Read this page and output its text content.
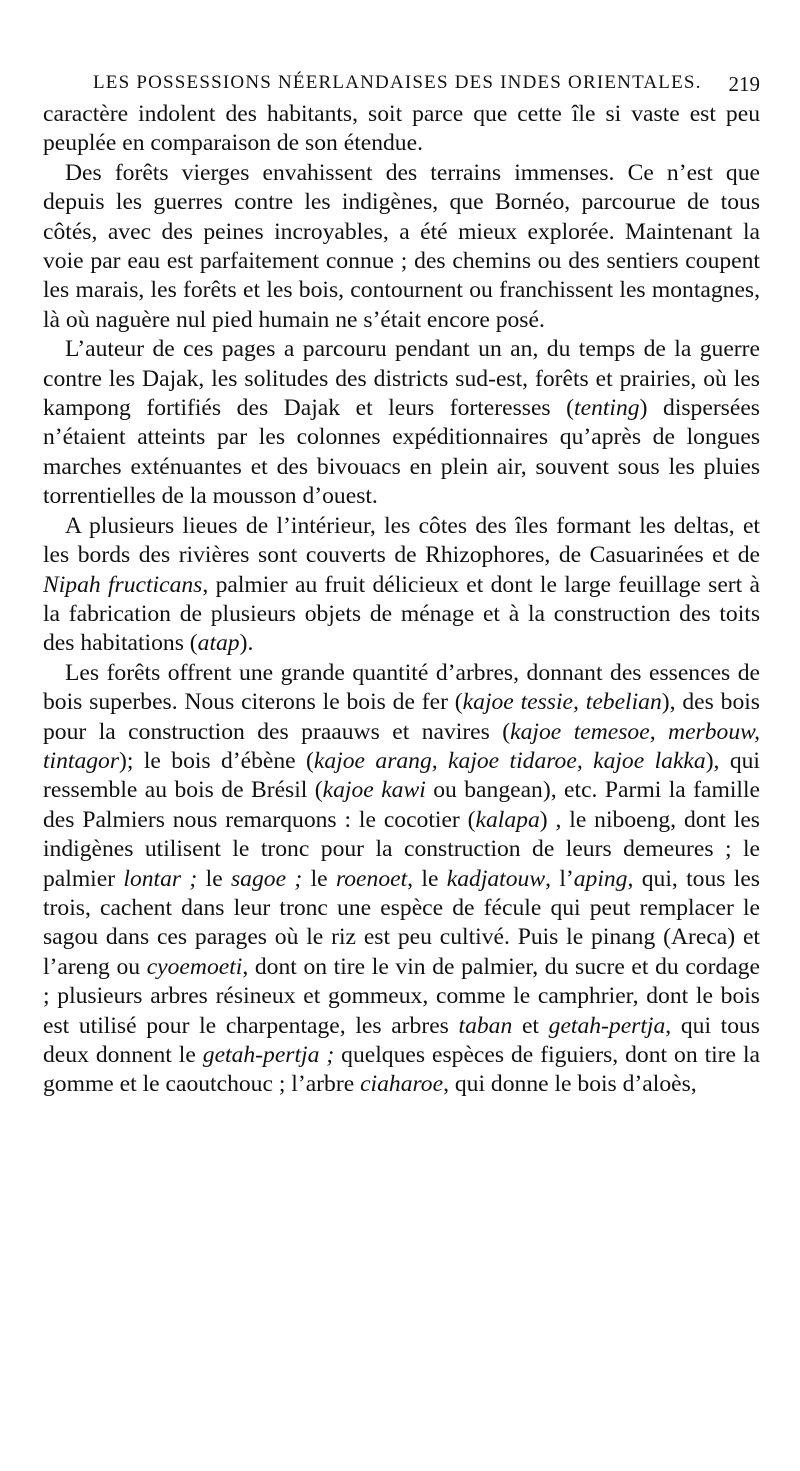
LES POSSESSIONS NÉERLANDAISES DES INDES ORIENTALES. 219

caractère indolent des habitants, soit parce que cette île si vaste est peu peuplée en comparaison de son étendue.

Des forêts vierges envahissent des terrains immenses. Ce n’est que depuis les guerres contre les indigènes, que Bornéo, parcourue de tous côtés, avec des peines incroyables, a été mieux explorée. Maintenant la voie par eau est parfaitement connue ; des chemins ou des sentiers coupent les marais, les forêts et les bois, contournent ou franchissent les montagnes, là où naguère nul pied humain ne s’était encore posé.

L’auteur de ces pages a parcouru pendant un an, du temps de la guerre contre les Dajak, les solitudes des districts sud-est, forêts et prairies, où les kampong fortifiés des Dajak et leurs forteresses (tenting) dispersées n’étaient atteints par les colonnes expéditionnaires qu’après de longues marches exténuantes et des bivouacs en plein air, souvent sous les pluies torrentielles de la mousson d’ouest.

A plusieurs lieues de l’intérieur, les côtes des îles formant les deltas, et les bords des rivières sont couverts de Rhizophores, de Casuarinées et de Nipah fructicans, palmier au fruit délicieux et dont le large feuillage sert à la fabrication de plusieurs objets de ménage et à la construction des toits des habitations (atap).

Les forêts offrent une grande quantité d’arbres, donnant des essences de bois superbes. Nous citerons le bois de fer (kajoe tessie, tebelian), des bois pour la construction des praauws et navires (kajoe temesoe, merbouw, tintagor); le bois d’ébène (kajoe arang, kajoe tidaroe, kajoe lakka), qui ressemble au bois de Brésil (kajoe kawi ou bangean), etc. Parmi la famille des Palmiers nous remarquons : le cocotier (kalapa) , le niboeng, dont les indigènes utilisent le tronc pour la construction de leurs demeures ; le palmier lontar ; le sagoe ; le roenoet, le kadjatouw, l’aping, qui, tous les trois, cachent dans leur tronc une espèce de fécule qui peut remplacer le sagou dans ces parages où le riz est peu cultivé. Puis le pinang (Areca) et l’areng ou cyoemoeti, dont on tire le vin de palmier, du sucre et du cordage ; plusieurs arbres résineux et gommeux, comme le camphrier, dont le bois est utilisé pour le charpentage, les arbres taban et getah-pertja, qui tous deux donnent le getah-pertja ; quelques espèces de figuiers, dont on tire la gomme et le caoutchouc ; l’arbre ciaharoe, qui donne le bois d’aloès,
